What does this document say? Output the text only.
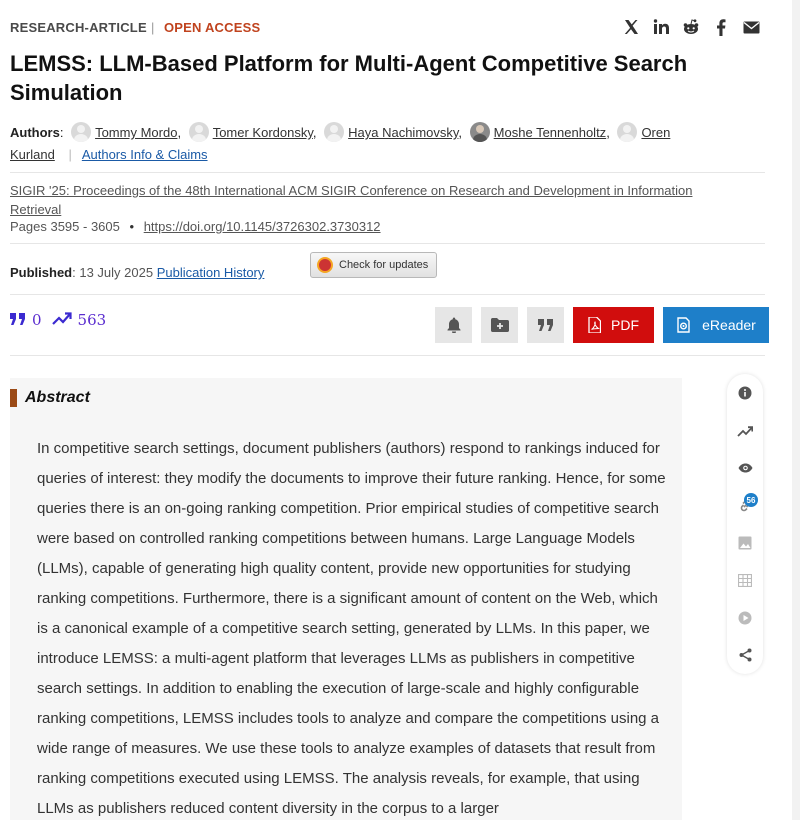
RESEARCH-ARTICLE | OPEN ACCESS
LEMSS: LLM-Based Platform for Multi-Agent Competitive Search Simulation
Authors: Tommy Mordo, Tomer Kordonsky, Haya Nachimovsky, Moshe Tennenholtz, Oren Kurland | Authors Info & Claims
SIGIR '25: Proceedings of the 48th International ACM SIGIR Conference on Research and Development in Information Retrieval
Pages 3595 - 3605 • https://doi.org/10.1145/3726302.3730312
Published: 13 July 2025 Publication History	Check for updates
0 563	PDF	eReader
Abstract

In competitive search settings, document publishers (authors) respond to rankings induced for queries of interest: they modify the documents to improve their future ranking. Hence, for some queries there is an on-going ranking competition. Prior empirical studies of competitive search were based on controlled ranking competitions between humans. Large Language Models (LLMs), capable of generating high quality content, provide new opportunities for studying ranking competitions. Furthermore, there is a significant amount of content on the Web, which is a canonical example of a competitive search setting, generated by LLMs. In this paper, we introduce LEMSS: a multi-agent platform that leverages LLMs as publishers in competitive search settings. In addition to enabling the execution of large-scale and highly configurable ranking competitions, LEMSS includes tools to analyze and compare the competitions using a wide range of measures. We use these tools to analyze examples of datasets that result from ranking competitions executed using LEMSS. The analysis reveals, for example, that using LLMs as publishers reduced content diversity in the corpus to a larger

56
